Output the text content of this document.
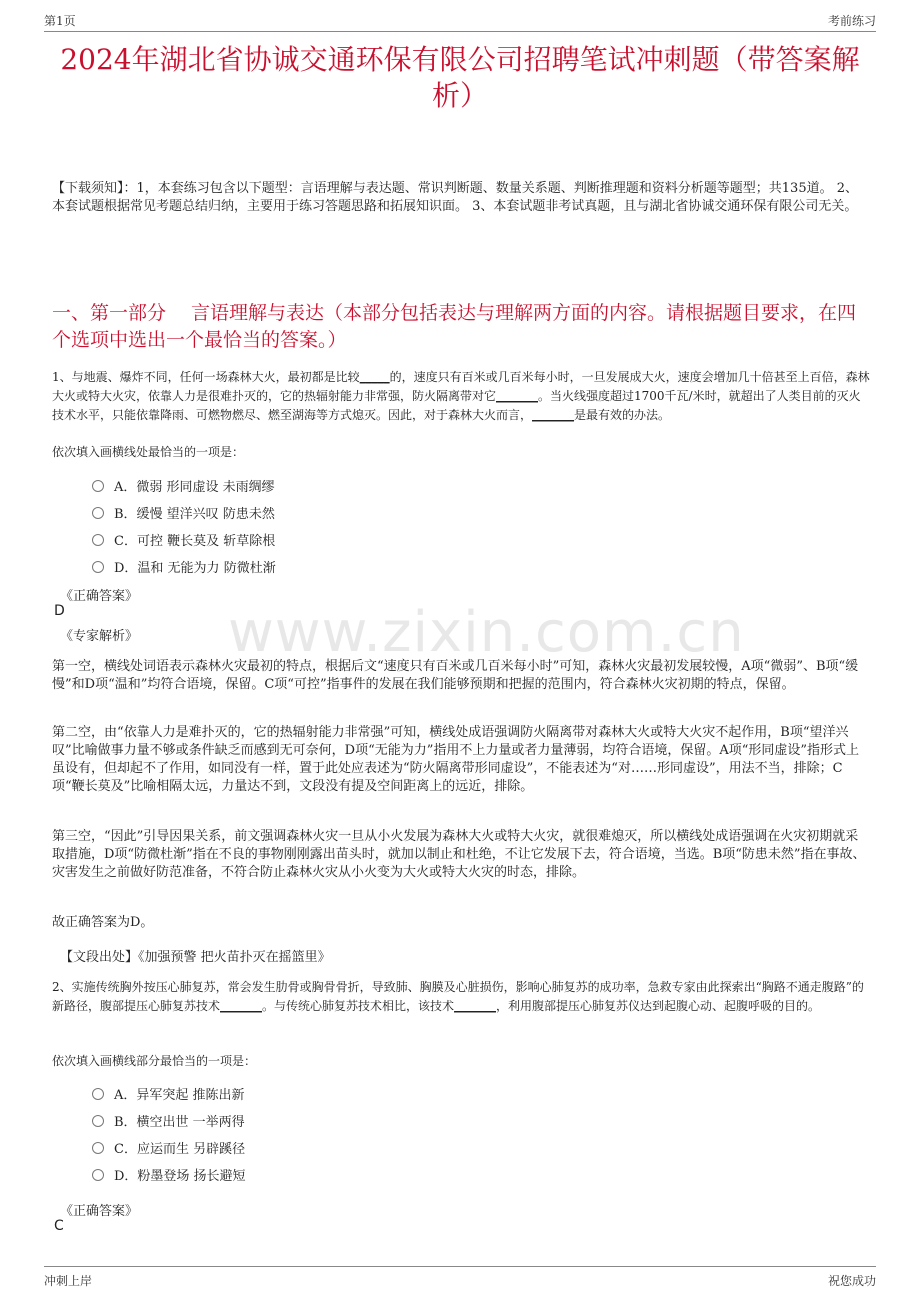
第1页	考前练习
2024年湖北省协诚交通环保有限公司招聘笔试冲刺题（带答案解析）
www.zixin.com.cn
【下载须知】：1，本套练习包含以下题型：言语理解与表达题、常识判断题、数量关系题、判断推理题和资料分析题等题型；共135道。 2、本套试题根据常见考题总结归纳，主要用于练习答题思路和拓展知识面。 3、本套试题非考试真题，且与湖北省协诚交通环保有限公司无关。
一、第一部分　 言语理解与表达（本部分包括表达与理解两方面的内容。请根据题目要求，在四个选项中选出一个最恰当的答案。）
1、与地震、爆炸不同，任何一场森林大火，最初都是比较_____的，速度只有百米或几百米每小时，一旦发展成大火，速度会增加几十倍甚至上百倍，森林大火或特大火灾，依靠人力是很难扑灭的，它的热辐射能力非常强，防火隔离带对它_______。当火线强度超过1700千瓦/米时，就超出了人类目前的灭火技术水平，只能依靠降雨、可燃物燃尽、燃至湖海等方式熄灭。因此，对于森林大火而言，_______是最有效的办法。
依次填入画横线处最恰当的一项是：
A．微弱 形同虚设 未雨绸缪
B．缓慢 望洋兴叹 防患未然
C．可控 鞭长莫及 斩草除根
D．温和 无能为力 防微杜渐
《正确答案》
D
《专家解析》
第一空，横线处词语表示森林火灾最初的特点，根据后文“速度只有百米或几百米每小时”可知，森林火灾最初发展较慢，A项“微弱”、B项“缓慢”和D项“温和”均符合语境，保留。C项“可控”指事件的发展在我们能够预期和把握的范围内，符合森林火灾初期的特点，保留。
第二空，由“依靠人力是难扑灭的，它的热辐射能力非常强”可知，横线处成语强调防火隔离带对森林大火或特大火灾不起作用，B项“望洋兴叹”比喻做事力量不够或条件缺乏而感到无可奈何，D项“无能为力”指用不上力量或者力量薄弱，均符合语境，保留。A项“形同虚设”指形式上虽设有，但却起不了作用，如同没有一样，置于此处应表述为“防火隔离带形同虚设”，不能表述为“对……形同虚设”，用法不当，排除；C项“鞭长莫及”比喻相隔太远，力量达不到，文段没有提及空间距离上的远近，排除。
第三空，“因此”引导因果关系，前文强调森林火灾一旦从小火发展为森林大火或特大火灾，就很难熄灭，所以横线处成语强调在火灾初期就采取措施，D项“防微杜渐”指在不良的事物刚刚露出苗头时，就加以制止和杜绝，不让它发展下去，符合语境，当选。B项“防患未然”指在事故、灾害发生之前做好防范准备，不符合防止森林火灾从小火变为大火或特大火灾的时态，排除。
故正确答案为D。
【文段出处】《加强预警 把火苗扑灭在摇篮里》
2、实施传统胸外按压心肺复苏，常会发生肋骨或胸骨骨折，导致肺、胸膜及心脏损伤，影响心肺复苏的成功率，急救专家由此探索出“胸路不通走腹路”的新路径，腹部提压心肺复苏技术_______。与传统心肺复苏技术相比，该技术_______，利用腹部提压心肺复苏仪达到起腹心动、起腹呼吸的目的。
依次填入画横线部分最恰当的一项是：
A．异军突起 推陈出新
B．横空出世 一举两得
C．应运而生 另辟蹊径
D．粉墨登场 扬长避短
《正确答案》
C
冲刺上岸	祝您成功
